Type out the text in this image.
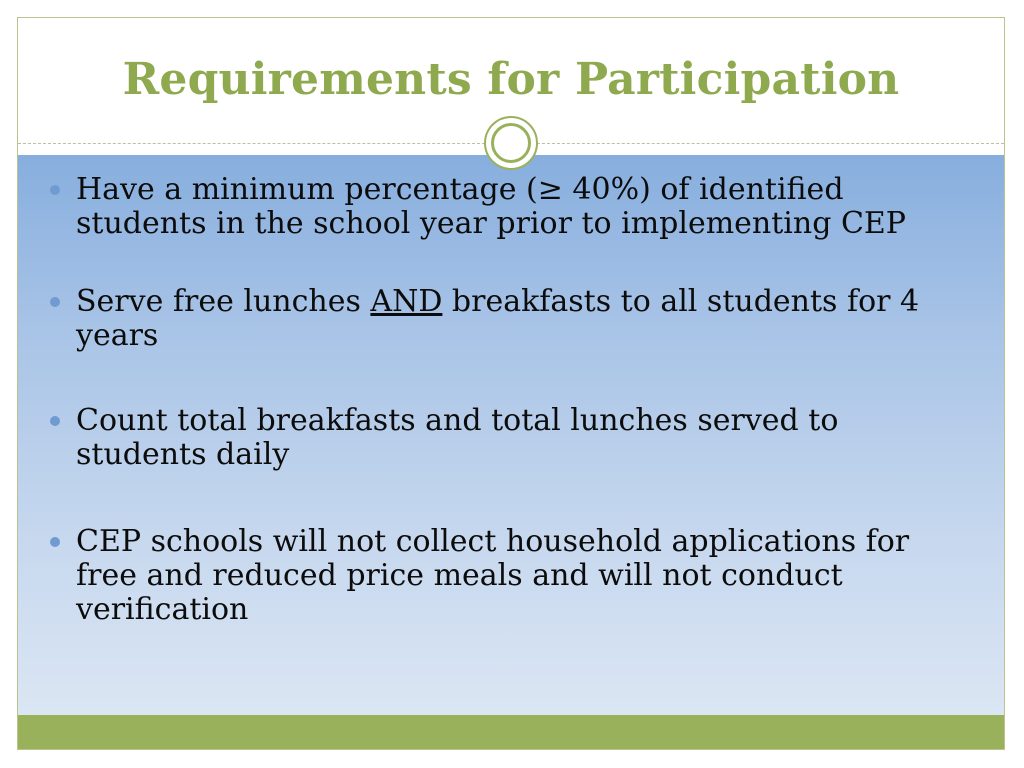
Requirements for Participation
Have a minimum percentage (≥ 40%) of identified
students in the school year prior to implementing CEP
Serve free lunches AND breakfasts to all students for 4
years
Count total breakfasts and total lunches served to
students daily
CEP schools will not collect household applications for
free and reduced price meals and will not conduct
verification
